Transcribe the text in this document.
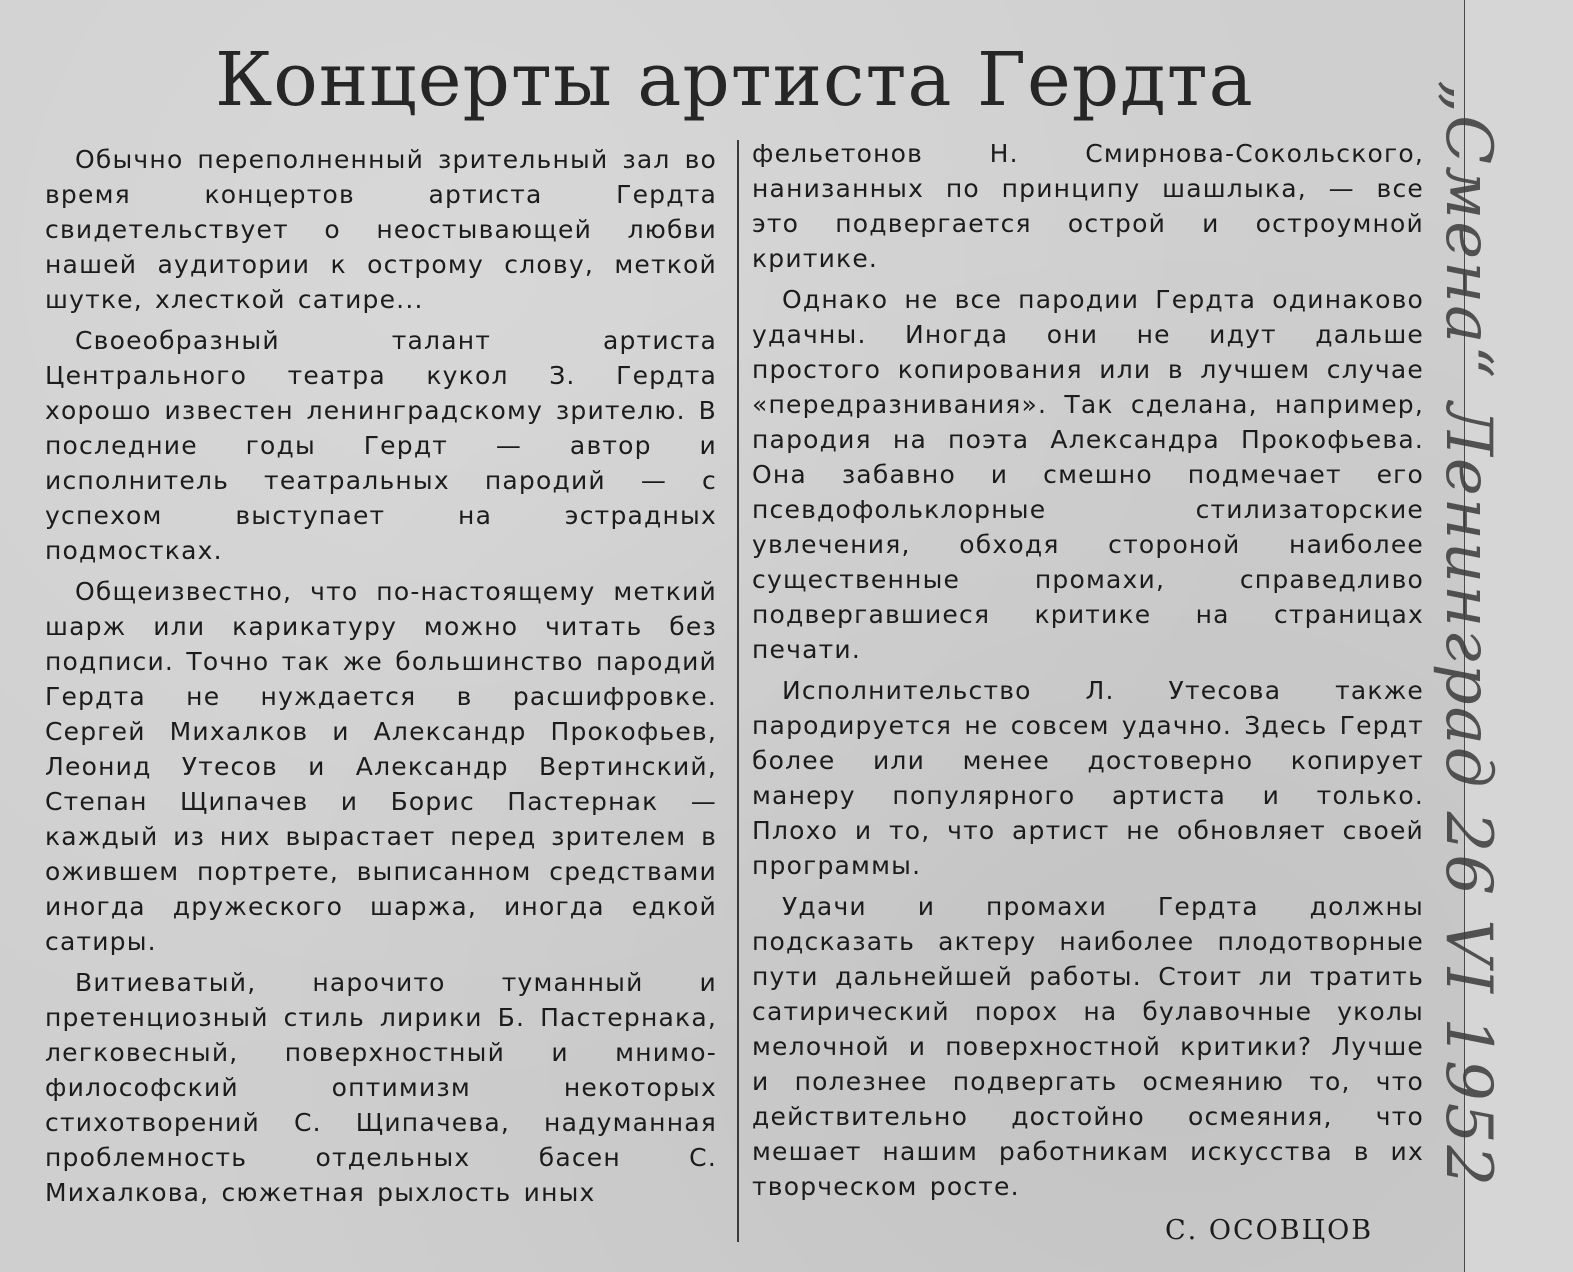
Концерты артиста Гердта

Обычно переполненный зрительный зал во время концертов артиста Гердта свидетельствует о неостывающей любви нашей аудитории к острому слову, меткой шутке, хлесткой сатире...

Своеобразный талант артиста Центрального театра кукол З. Гердта хорошо известен ленинградскому зрителю. В последние годы Гердт — автор и исполнитель театральных пародий — с успехом выступает на эстрадных подмостках.

Общеизвестно, что по-настоящему меткий шарж или карикатуру можно читать без подписи. Точно так же большинство пародий Гердта не нуждается в расшифровке. Сергей Михалков и Александр Прокофьев, Леонид Утесов и Александр Вертинский, Степан Щипачев и Борис Пастернак — каждый из них вырастает перед зрителем в ожившем портрете, выписанном средствами иногда дружеского шаржа, иногда едкой сатиры.

Витиеватый, нарочито туманный и претенциозный стиль лирики Б. Пастернака, легковесный, поверхностный и мнимо-философский оптимизм некоторых стихотворений С. Щипачева, надуманная проблемность отдельных басен С. Михалкова, сюжетная рыхлость иных

фельетонов Н. Смирнова-Сокольского, нанизанных по принципу шашлыка, — все это подвергается острой и остроумной критике.

Однако не все пародии Гердта одинаково удачны. Иногда они не идут дальше простого копирования или в лучшем случае «передразнивания». Так сделана, например, пародия на поэта Александра Прокофьева. Она забавно и смешно подмечает его псевдофольклорные стилизаторские увлечения, обходя стороной наиболее существенные промахи, справедливо подвергавшиеся критике на страницах печати.

Исполнительство Л. Утесова также пародируется не совсем удачно. Здесь Гердт более или менее достоверно копирует манеру популярного артиста и только. Плохо и то, что артист не обновляет своей программы.

Удачи и промахи Гердта должны подсказать актеру наиболее плодотворные пути дальнейшей работы. Стоит ли тратить сатирический порох на булавочные уколы мелочной и поверхностной критики? Лучше и полезнее подвергать осмеянию то, что действительно достойно осмеяния, что мешает нашим работникам искусства в их творческом росте.

С. ОСОВЦОВ
„Смена“ Ленинград 26 VI 1952
